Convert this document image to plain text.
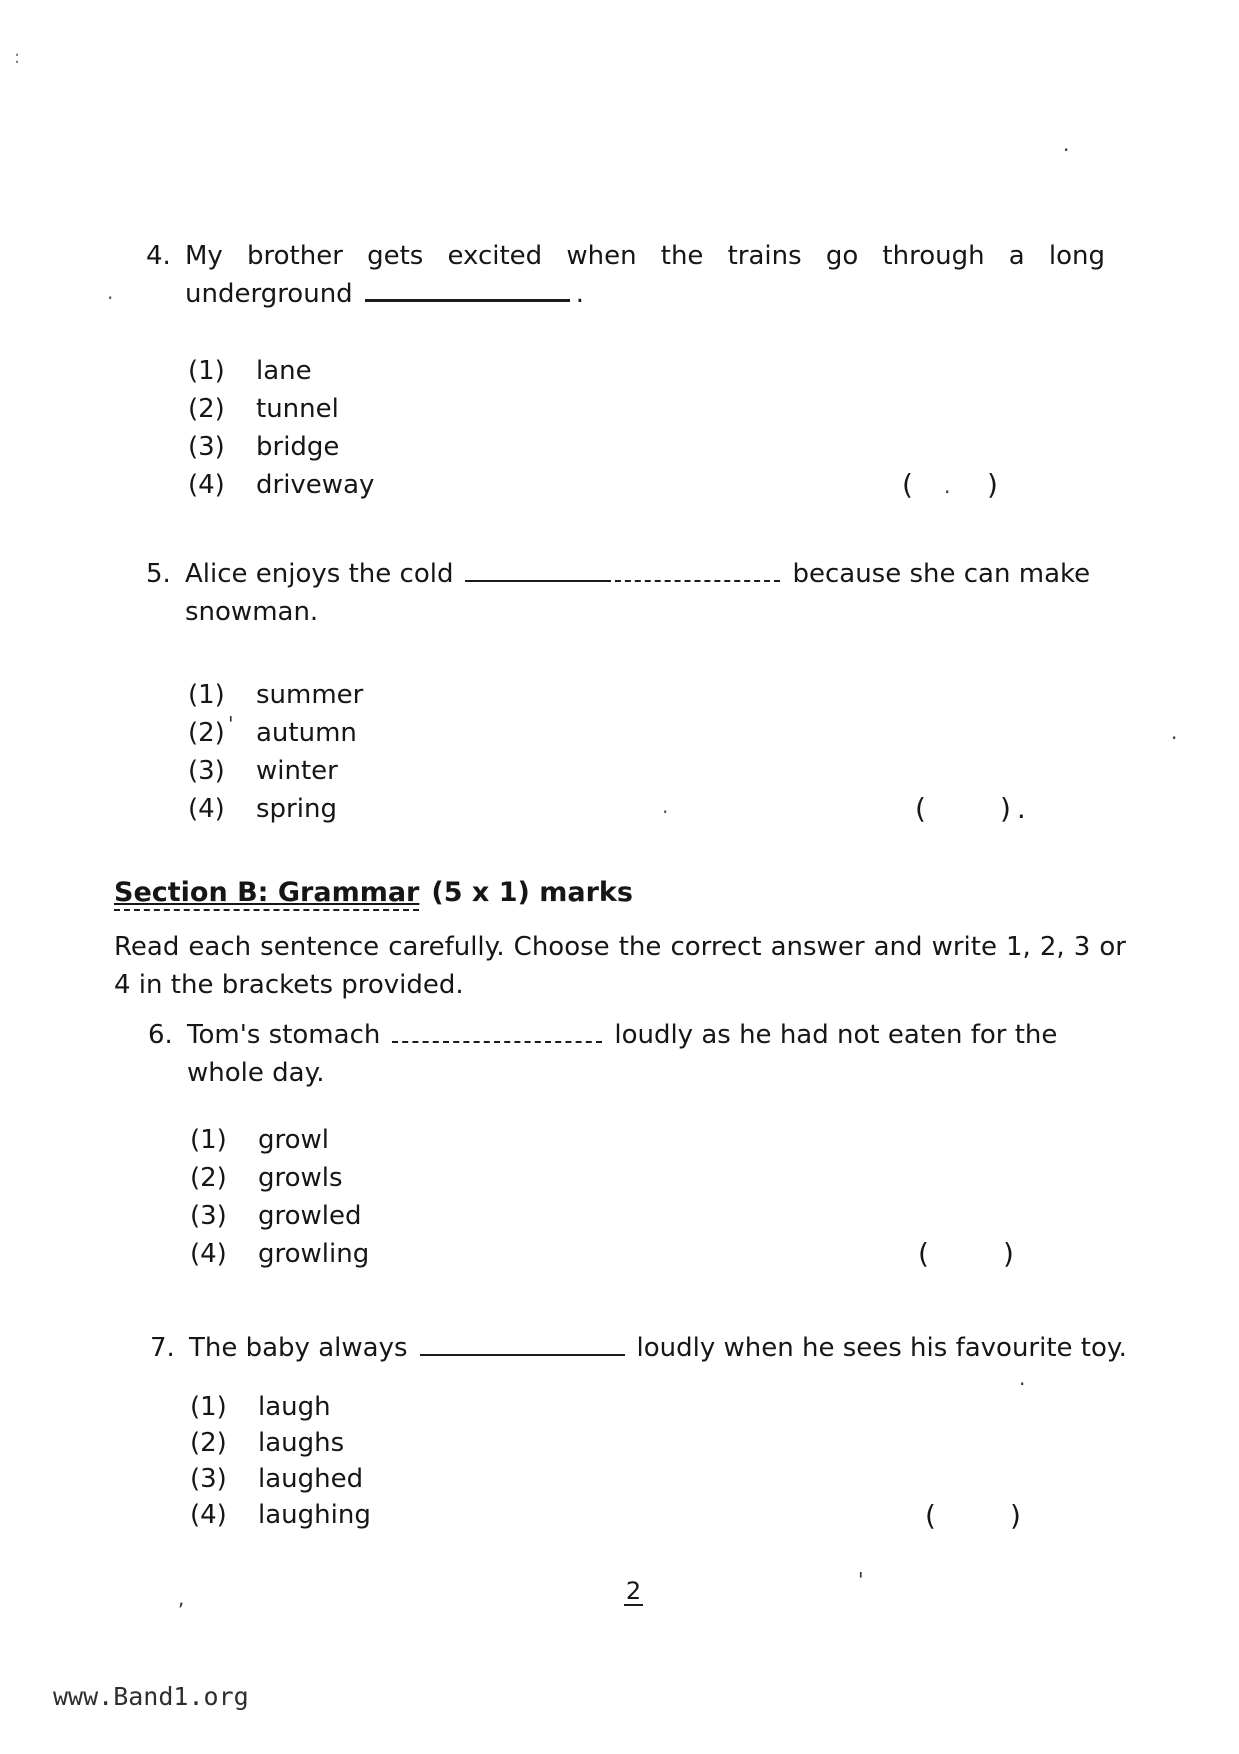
4. My brother gets excited when the trains go through a long
underground	.
(1)	lane
(2)	tunnel
(3)	bridge
(4)	driveway	(	)
5. Alice enjoys the cold	because she can make
snowman.
(1)	summer
(2)	autumn
(3)	winter
(4)	spring	(	) .
Section B: Grammar (5 x 1) marks
Read each sentence carefully. Choose the correct answer and write 1, 2, 3 or
4 in the brackets provided.
6. Tom's stomach	loudly as he had not eaten for the
whole day.
(1)	growl
(2)	growls
(3)	growled
(4)	growling	(	)
7. The baby always	loudly when he sees his favourite toy.
(1)	laugh
(2)	laughs
(3)	laughed
(4)	laughing	(	)
2
www.Band1.org
:
.
.
.
'	.
.
.
'
,
